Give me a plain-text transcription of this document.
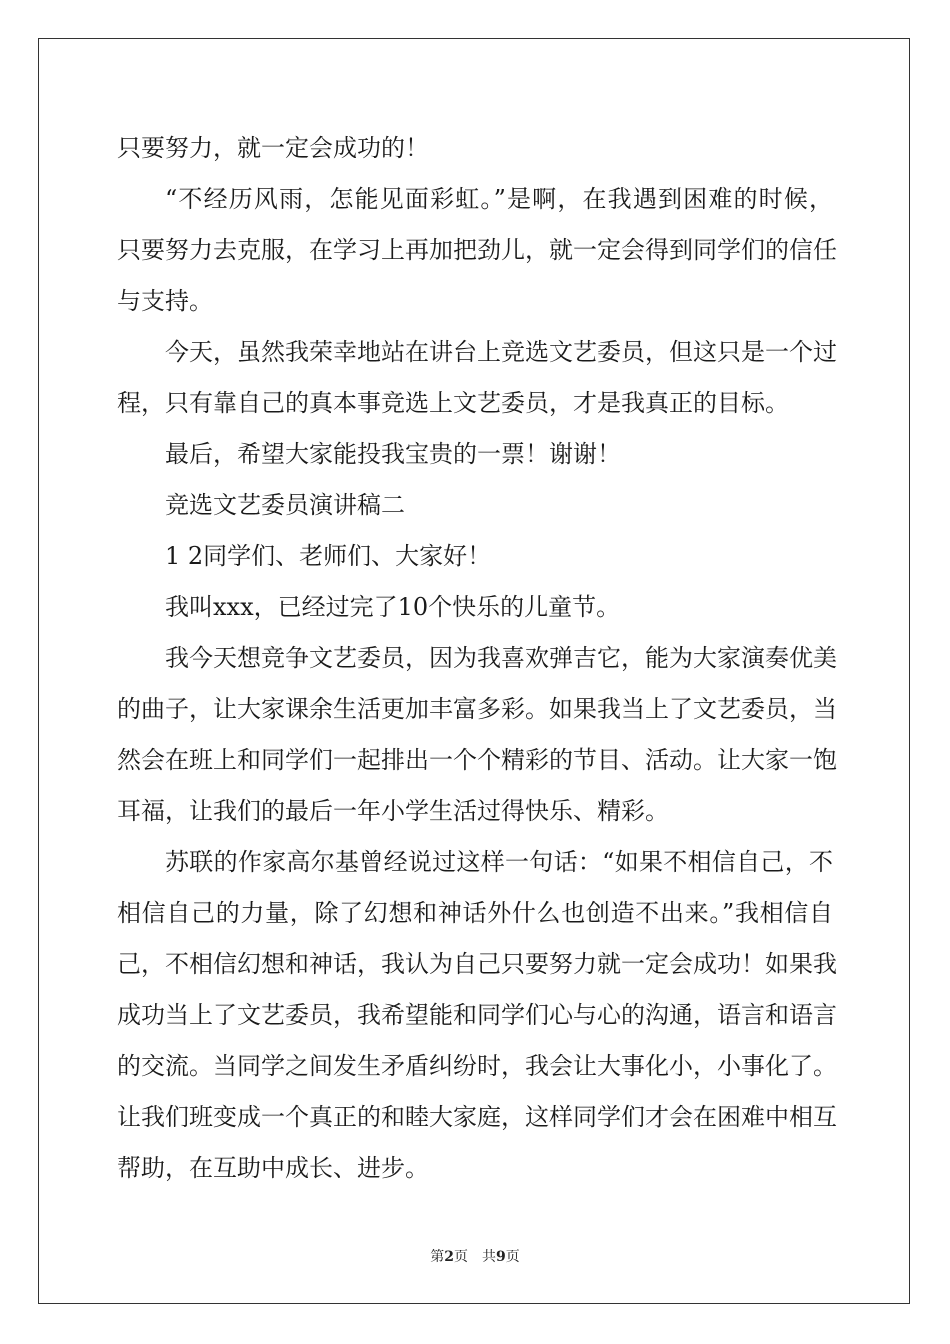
只要努力，就一定会成功的！
“不经历风雨，怎能见面彩虹。”是啊，在我遇到困难的时候，
只要努力去克服，在学习上再加把劲儿，就一定会得到同学们的信任
与支持。
今天，虽然我荣幸地站在讲台上竞选文艺委员，但这只是一个过
程，只有靠自己的真本事竞选上文艺委员，才是我真正的目标。
最后，希望大家能投我宝贵的一票！谢谢！
竞选文艺委员演讲稿二
1 2同学们、老师们、大家好！
我叫xxx，已经过完了10个快乐的儿童节。
我今天想竞争文艺委员，因为我喜欢弹吉它，能为大家演奏优美
的曲子，让大家课余生活更加丰富多彩。如果我当上了文艺委员，当
然会在班上和同学们一起排出一个个精彩的节目、活动。让大家一饱
耳福，让我们的最后一年小学生活过得快乐、精彩。
苏联的作家高尔基曾经说过这样一句话：“如果不相信自己，不
相信自己的力量，除了幻想和神话外什么也创造不出来。”我相信自
己，不相信幻想和神话，我认为自己只要努力就一定会成功！如果我
成功当上了文艺委员，我希望能和同学们心与心的沟通，语言和语言
的交流。当同学之间发生矛盾纠纷时，我会让大事化小，小事化了。
让我们班变成一个真正的和睦大家庭，这样同学们才会在困难中相互
帮助，在互助中成长、进步。
第2页 共9页
